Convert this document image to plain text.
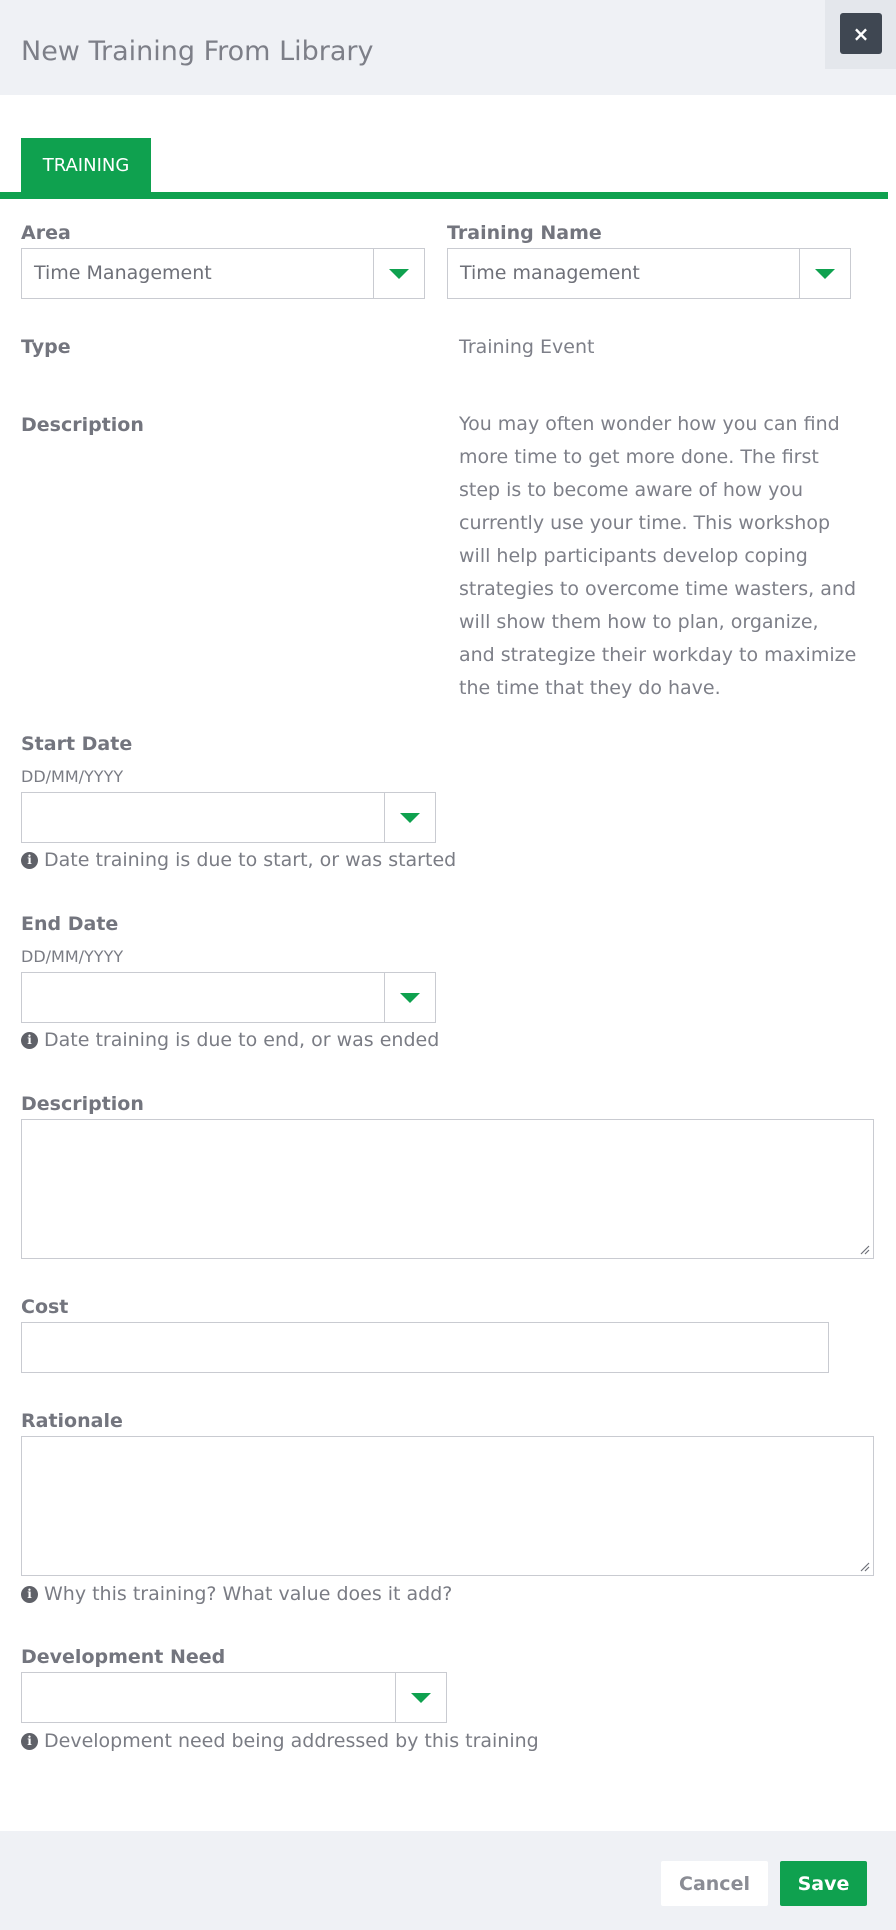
New Training From Library
×
TRAINING
Area
Time Management
Training Name
Time management
Type	Training Event
Description	You may often wonder how you can find more time to get more done. The first step is to become aware of how you currently use your time. This workshop will help participants develop coping strategies to overcome time wasters, and will show them how to plan, organize, and strategize their workday to maximize the time that they do have.
Start Date
DD/MM/YYYY
i Date training is due to start, or was started
End Date
DD/MM/YYYY
i Date training is due to end, or was ended
Description
Cost
Rationale
i Why this training? What value does it add?
Development Need
i Development need being addressed by this training
Cancel	Save
